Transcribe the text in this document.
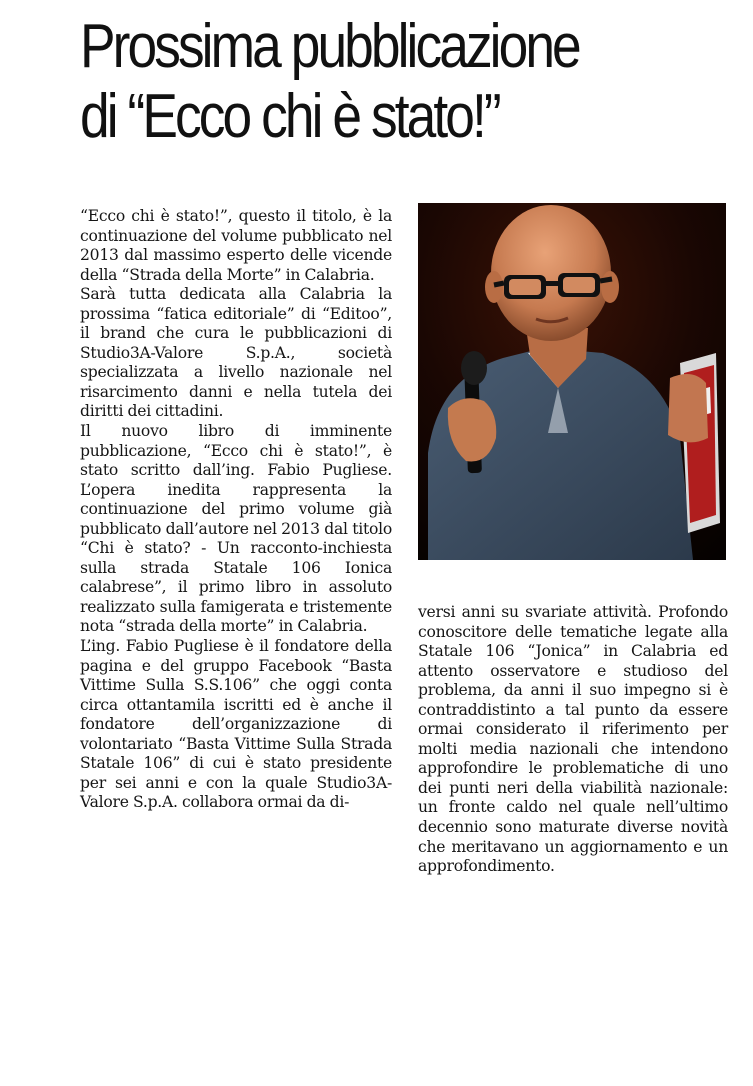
Prossima pubblicazione
di “Ecco chi è stato!”

“Ecco chi è stato!”, questo il titolo, è la continuazione del volume pubblicato nel 2013 dal massimo esperto delle vicende della “Strada della Morte” in Calabria.

Sarà tutta dedicata alla Calabria la prossima “fatica editoriale” di “Editoo”, il brand che cura le pubblicazioni di Studio3A-Valore S.p.A., società specializzata a livello nazionale nel risarcimento danni e nella tutela dei diritti dei cittadini.

Il nuovo libro di imminente pubblicazione, “Ecco chi è stato!”, è stato scritto dall’ing. Fabio Pugliese. L’opera inedita rappresenta la continuazione del primo volume già pubblicato dall’autore nel 2013 dal titolo “Chi è stato? - Un racconto-inchiesta sulla strada Statale 106 Ionica calabrese”, il primo libro in assoluto realizzato sulla famigerata e tristemente nota “strada della morte” in Calabria.

L’ing. Fabio Pugliese è il fondatore della pagina e del gruppo Facebook “Basta Vittime Sulla S.S.106” che oggi conta circa ottantamila iscritti ed è anche il fondatore dell’organizzazione di volontariato “Basta Vittime Sulla Strada Statale 106” di cui è stato presidente per sei anni e con la quale Studio3A-Valore S.p.A. collabora ormai da di-

versi anni su svariate attività. Profondo conoscitore delle tematiche legate alla Statale 106 “Jonica” in Calabria ed attento osservatore e studioso del problema, da anni il suo impegno si è contraddistinto a tal punto da essere ormai considerato il riferimento per molti media nazionali che intendono approfondire le problematiche di uno dei punti neri della viabilità nazionale: un fronte caldo nel quale nell’ultimo decennio sono maturate diverse novità che meritavano un aggiornamento e un approfondimento.
